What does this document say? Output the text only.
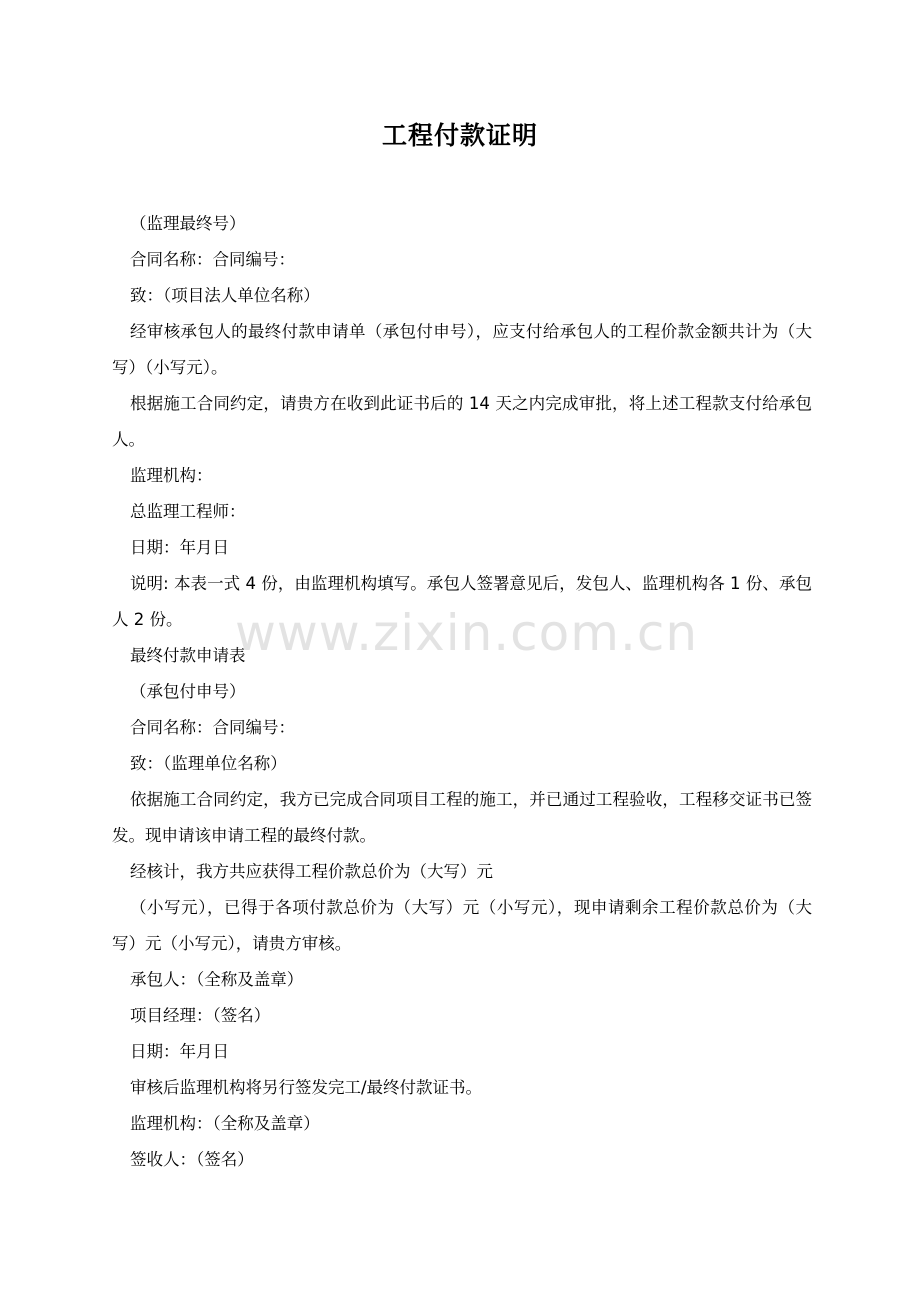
工程付款证明

（监理最终号）

合同名称：合同编号：

致：（项目法人单位名称）

经审核承包人的最终付款申请单（承包付申号），应支付给承包人的工程价款金额共计为（大写）（小写元）。

根据施工合同约定，请贵方在收到此证书后的 14 天之内完成审批，将上述工程款支付给承包人。

监理机构：

总监理工程师：

日期：年月日

说明: 本表一式 4 份，由监理机构填写。承包人签署意见后，发包人、监理机构各 1 份、承包人 2 份。

最终付款申请表

（承包付申号）

合同名称：合同编号：

致：（监理单位名称）

依据施工合同约定，我方已完成合同项目工程的施工，并已通过工程验收，工程移交证书已签发。现申请该申请工程的最终付款。

经核计，我方共应获得工程价款总价为（大写）元

（小写元），已得于各项付款总价为（大写）元（小写元），现申请剩余工程价款总价为（大写）元（小写元），请贵方审核。

承包人：（全称及盖章）

项目经理：（签名）

日期：年月日

审核后监理机构将另行签发完工/最终付款证书。

监理机构：（全称及盖章）

签收人：（签名）

www.zixin.com.cn
